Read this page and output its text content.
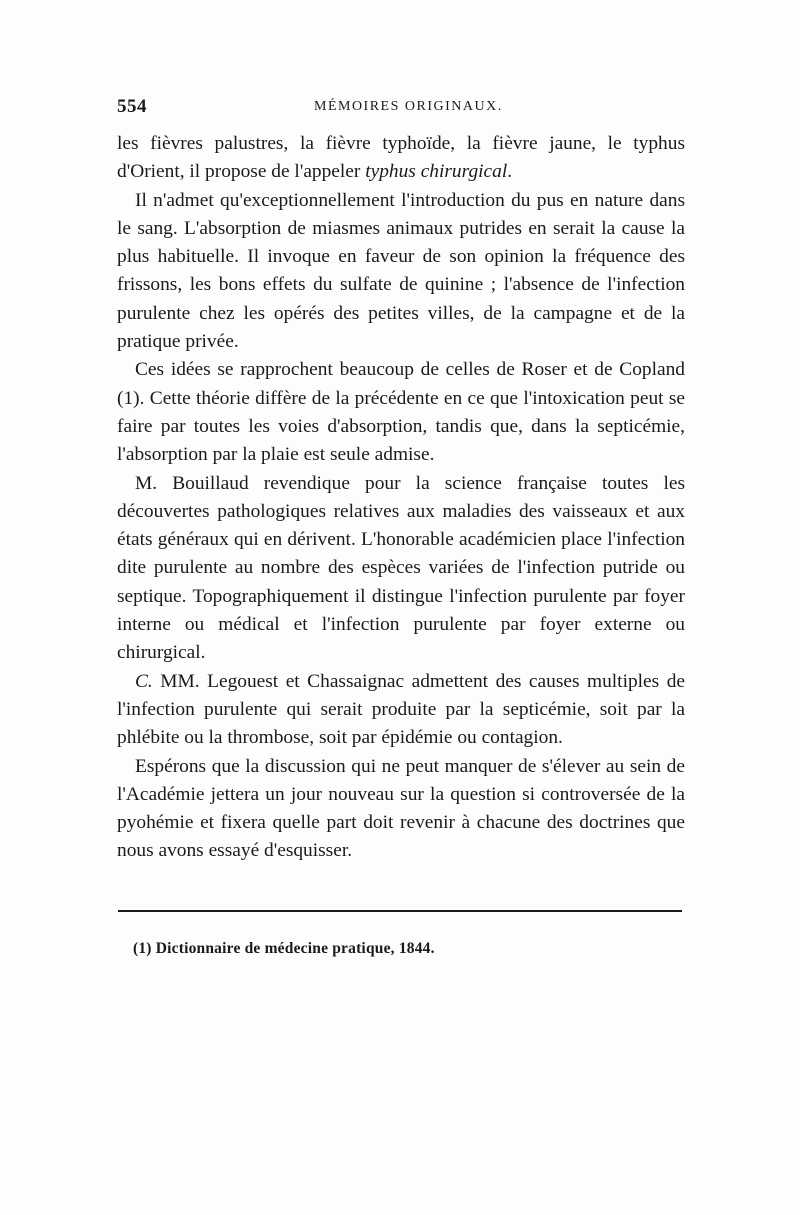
554	MÉMOIRES ORIGINAUX.

les fièvres palustres, la fièvre typhoïde, la fièvre jaune, le typhus d'Orient, il propose de l'appeler typhus chirurgical.

Il n'admet qu'exceptionnellement l'introduction du pus en nature dans le sang. L'absorption de miasmes animaux putrides en serait la cause la plus habituelle. Il invoque en faveur de son opinion la fréquence des frissons, les bons effets du sulfate de quinine ; l'absence de l'infection purulente chez les opérés des petites villes, de la campagne et de la pratique privée.

Ces idées se rapprochent beaucoup de celles de Roser et de Copland (1). Cette théorie diffère de la précédente en ce que l'intoxication peut se faire par toutes les voies d'absorption, tandis que, dans la septicémie, l'absorption par la plaie est seule admise.

M. Bouillaud revendique pour la science française toutes les découvertes pathologiques relatives aux maladies des vaisseaux et aux états généraux qui en dérivent. L'honorable académicien place l'infection dite purulente au nombre des espèces variées de l'infection putride ou septique. Topographiquement il distingue l'infection purulente par foyer interne ou médical et l'infection purulente par foyer externe ou chirurgical.

C. MM. Legouest et Chassaignac admettent des causes multiples de l'infection purulente qui serait produite par la septicémie, soit par la phlébite ou la thrombose, soit par épidémie ou contagion.

Espérons que la discussion qui ne peut manquer de s'élever au sein de l'Académie jettera un jour nouveau sur la question si controversée de la pyohémie et fixera quelle part doit revenir à chacune des doctrines que nous avons essayé d'esquisser.

(1) Dictionnaire de médecine pratique, 1844.
